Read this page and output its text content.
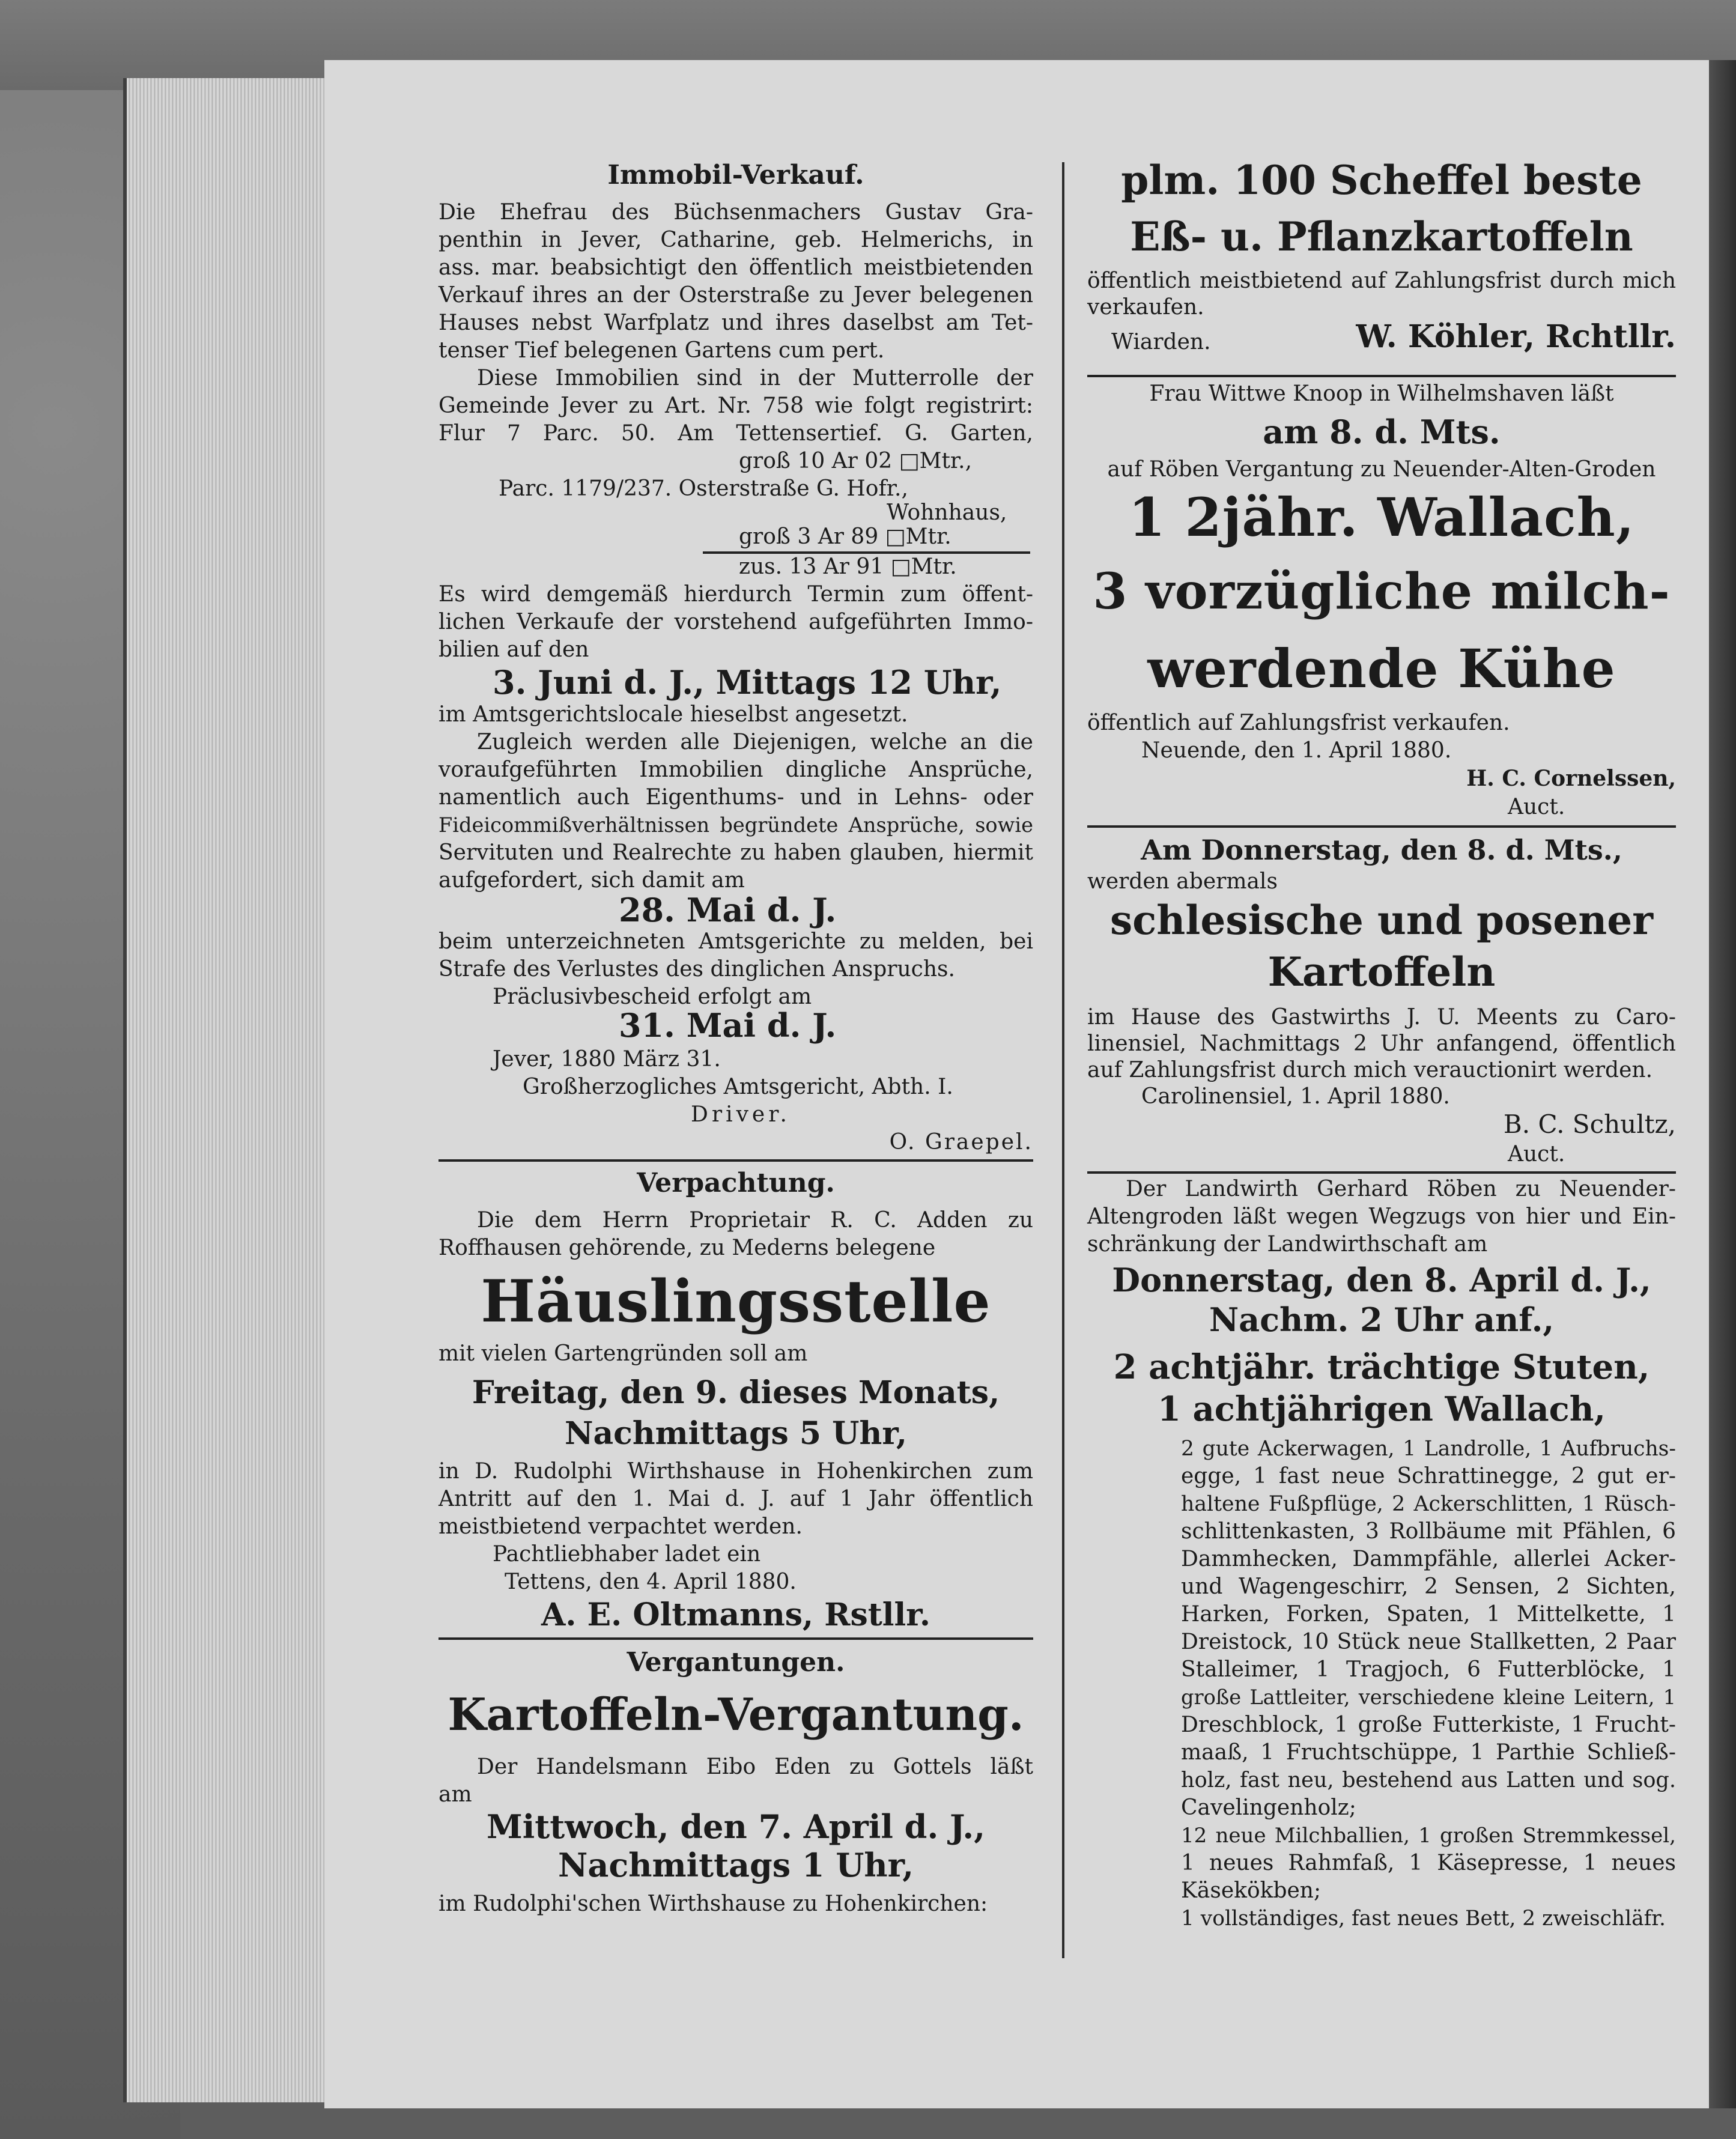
Immobil-Verkauf.
Die Ehefrau des Büchsenmachers Gustav Gra-
penthin in Jever, Catharine, geb. Helmerichs, in
ass. mar. beabsichtigt den öffentlich meistbietenden
Verkauf ihres an der Osterstraße zu Jever belegenen
Hauses nebst Warfplatz und ihres daselbst am Tet-
tenser Tief belegenen Gartens cum pert.
Diese Immobilien sind in der Mutterrolle der
Gemeinde Jever zu Art. Nr. 758 wie folgt registrirt:
Flur 7 Parc. 50. Am Tettensertief. G. Garten,
groß 10 Ar 02 □Mtr.,
Parc. 1179/237. Osterstraße G. Hofr.,
Wohnhaus,
groß 3 Ar 89 □Mtr.
zus. 13 Ar 91 □Mtr.
Es wird demgemäß hierdurch Termin zum öffent-
lichen Verkaufe der vorstehend aufgeführten Immo-
bilien auf den
3. Juni d. J., Mittags 12 Uhr,
im Amtsgerichtslocale hieselbst angesetzt.
Zugleich werden alle Diejenigen, welche an die
voraufgeführten Immobilien dingliche Ansprüche,
namentlich auch Eigenthums- und in Lehns- oder
Fideicommißverhältnissen begründete Ansprüche, sowie
Servituten und Realrechte zu haben glauben, hiermit
aufgefordert, sich damit am
28. Mai d. J.
beim unterzeichneten Amtsgerichte zu melden, bei
Strafe des Verlustes des dinglichen Anspruchs.
Präclusivbescheid erfolgt am
31. Mai d. J.
Jever, 1880 März 31.
Großherzogliches Amtsgericht, Abth. I.
Driver.
O. Graepel.
Verpachtung.
Die dem Herrn Proprietair R. C. Adden zu
Roffhausen gehörende, zu Mederns belegene
Häuslingsstelle
mit vielen Gartengründen soll am
Freitag, den 9. dieses Monats,
Nachmittags 5 Uhr,
in D. Rudolphi Wirthshause in Hohenkirchen zum
Antritt auf den 1. Mai d. J. auf 1 Jahr öffentlich
meistbietend verpachtet werden.
Pachtliebhaber ladet ein
Tettens, den 4. April 1880.
A. E. Oltmanns, Rstllr.
Vergantungen.
Kartoffeln-Vergantung.
Der Handelsmann Eibo Eden zu Gottels läßt
am
Mittwoch, den 7. April d. J.,
Nachmittags 1 Uhr,
im Rudolphi'schen Wirthshause zu Hohenkirchen:
plm. 100 Scheffel beste
Eß- u. Pflanzkartoffeln
öffentlich meistbietend auf Zahlungsfrist durch mich
verkaufen.
Wiarden.	W. Köhler, Rchtllr.
Frau Wittwe Knoop in Wilhelmshaven läßt
am 8. d. Mts.
auf Röben Vergantung zu Neuender-Alten-Groden
1 2jähr. Wallach,
3 vorzügliche milch-
werdende Kühe
öffentlich auf Zahlungsfrist verkaufen.
Neuende, den 1. April 1880.
H. C. Cornelssen,
Auct.
Am Donnerstag, den 8. d. Mts.,
werden abermals
schlesische und posener
Kartoffeln
im Hause des Gastwirths J. U. Meents zu Caro-
linensiel, Nachmittags 2 Uhr anfangend, öffentlich
auf Zahlungsfrist durch mich verauctionirt werden.
Carolinensiel, 1. April 1880.
B. C. Schultz,
Auct.
Der Landwirth Gerhard Röben zu Neuender-
Altengroden läßt wegen Wegzugs von hier und Ein-
schränkung der Landwirthschaft am
Donnerstag, den 8. April d. J.,
Nachm. 2 Uhr anf.,
2 achtjähr. trächtige Stuten,
1 achtjährigen Wallach,
2 gute Ackerwagen, 1 Landrolle, 1 Aufbruchs-
egge, 1 fast neue Schrattinegge, 2 gut er-
haltene Fußpflüge, 2 Ackerschlitten, 1 Rüsch-
schlittenkasten, 3 Rollbäume mit Pfählen, 6
Dammhecken, Dammpfähle, allerlei Acker-
und Wagengeschirr, 2 Sensen, 2 Sichten,
Harken, Forken, Spaten, 1 Mittelkette, 1
Dreistock, 10 Stück neue Stallketten, 2 Paar
Stalleimer, 1 Tragjoch, 6 Futterblöcke, 1
große Lattleiter, verschiedene kleine Leitern, 1
Dreschblock, 1 große Futterkiste, 1 Frucht-
maaß, 1 Fruchtschüppe, 1 Parthie Schließ-
holz, fast neu, bestehend aus Latten und sog.
Cavelingenholz;
12 neue Milchballien, 1 großen Stremmkessel,
1 neues Rahmfaß, 1 Käsepresse, 1 neues
Käsekökben;
1 vollständiges, fast neues Bett, 2 zweischläfr.
